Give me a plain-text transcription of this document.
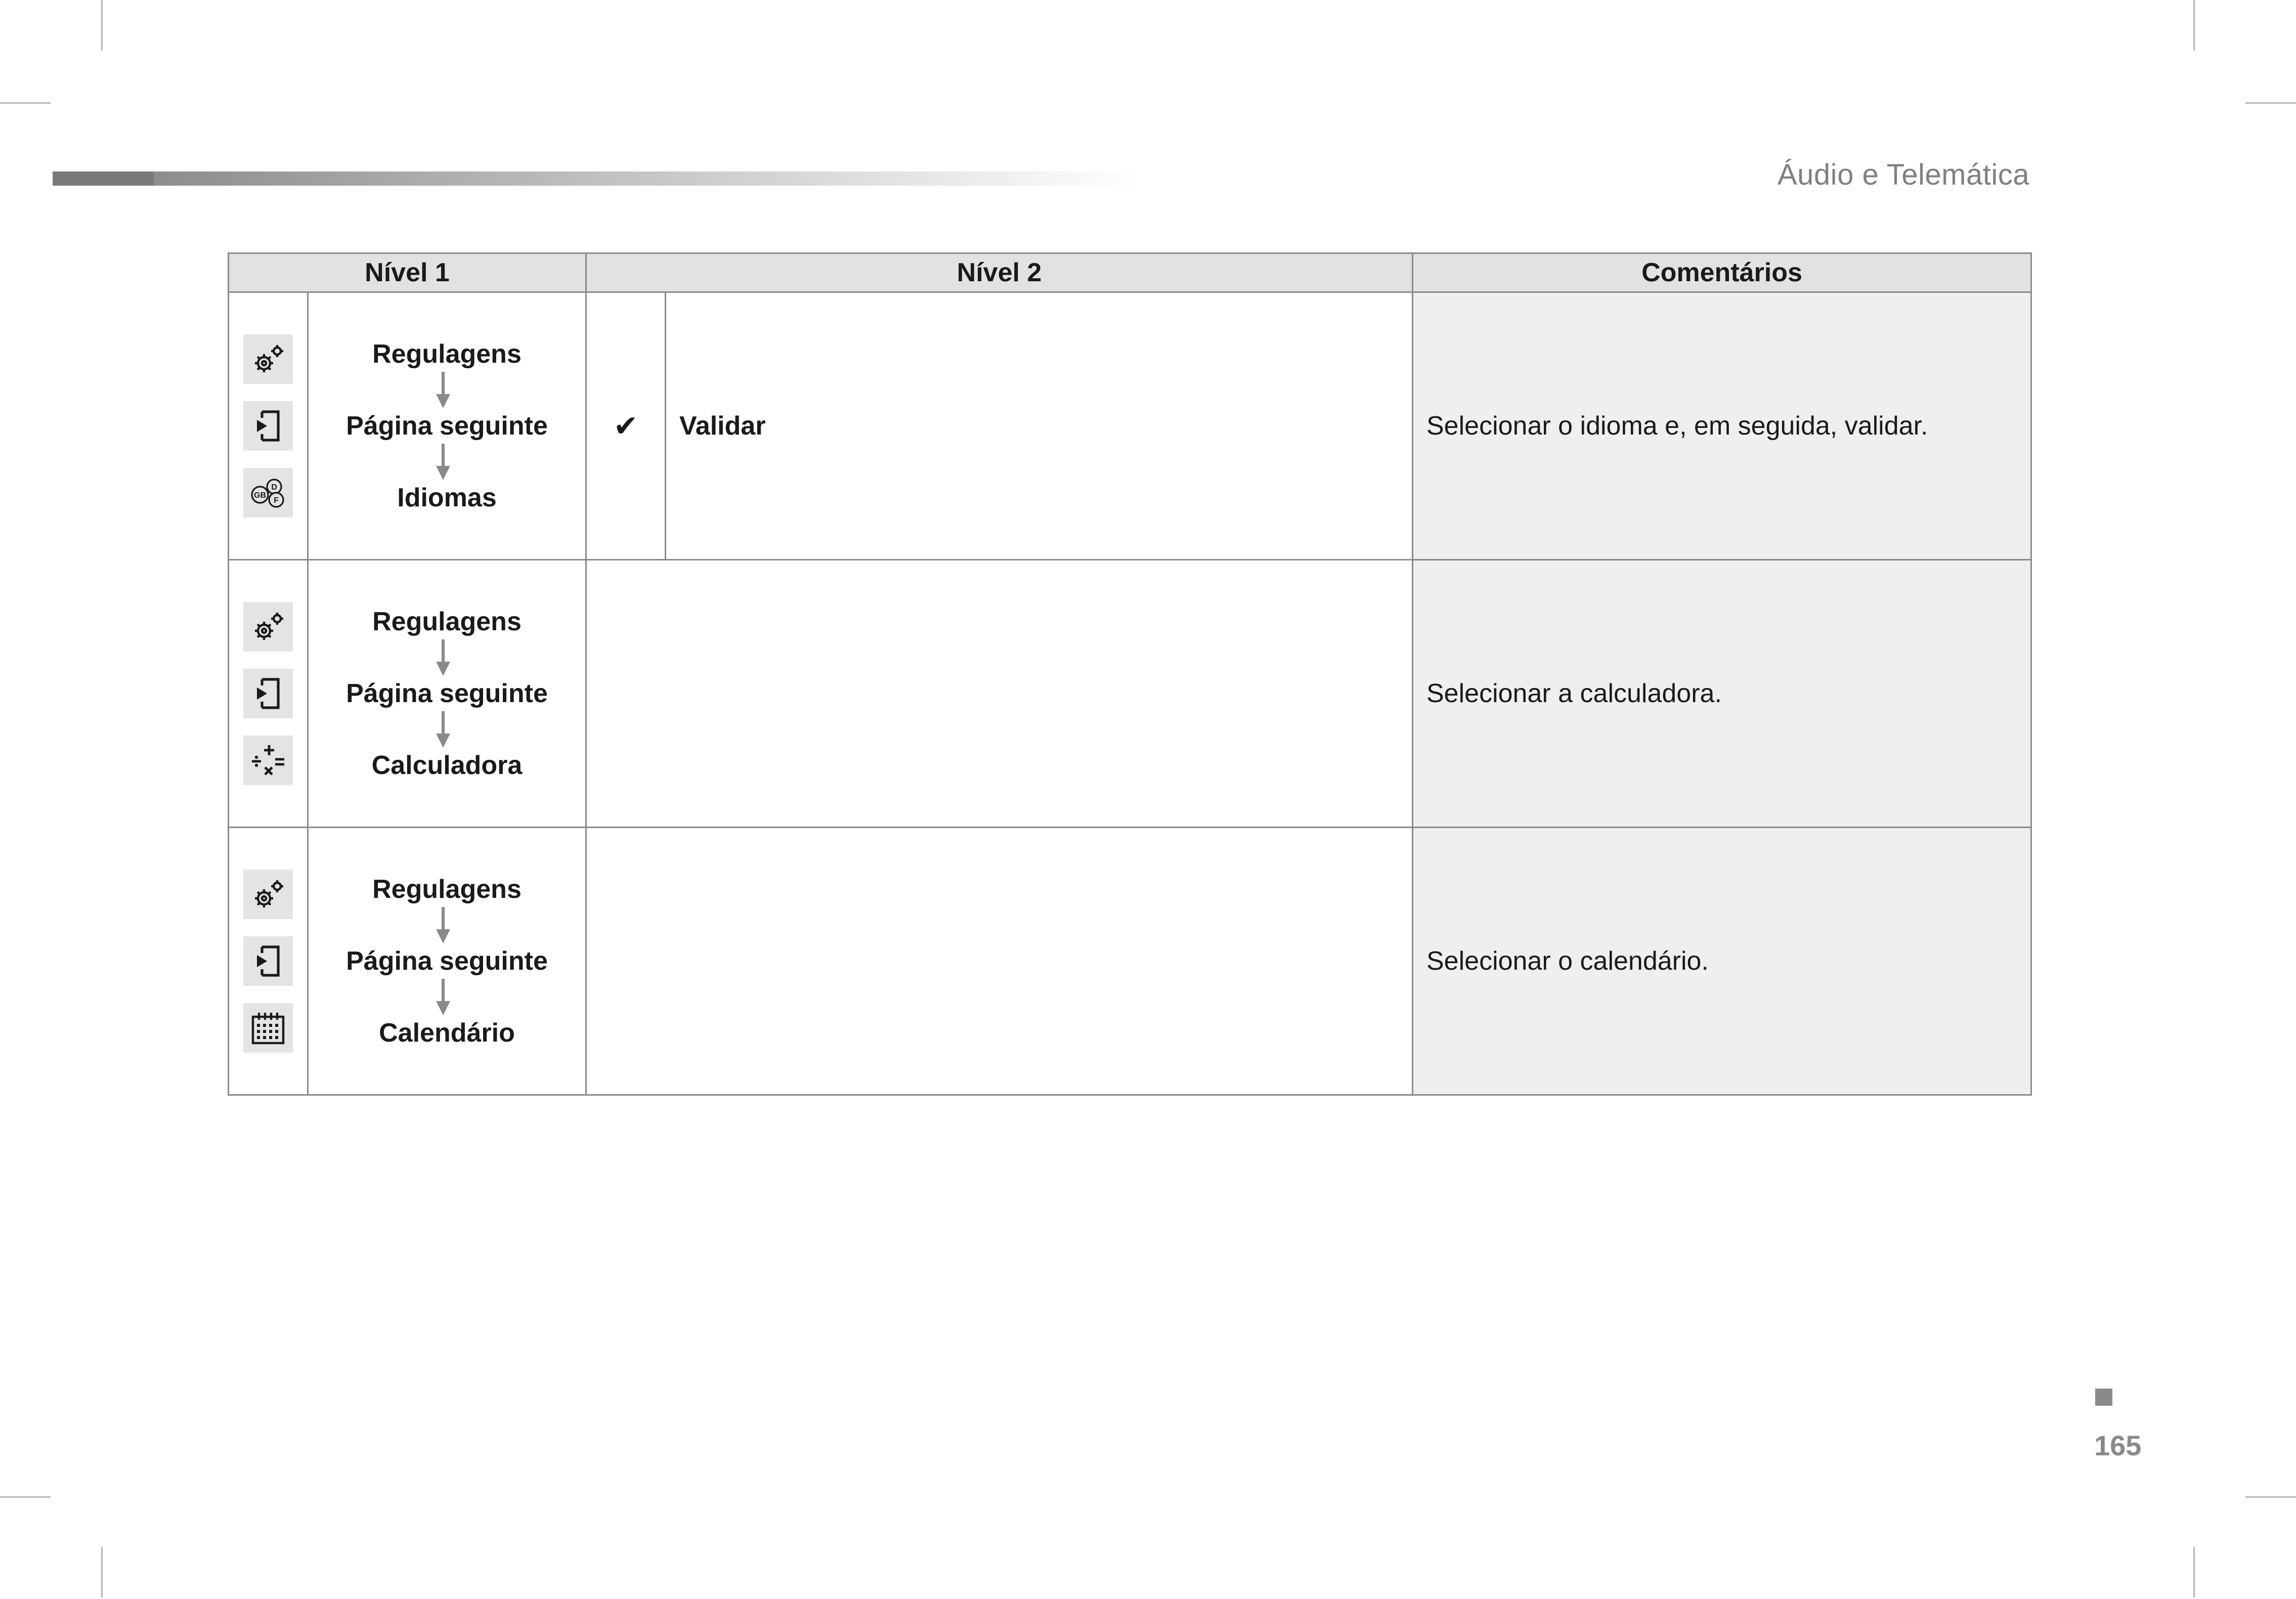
Áudio e Telemática
Nível 1		Nível 2		Comentários

D
GB
F	Regulagens
Página seguinte
Idiomas	✔	Validar	Selecionar o idioma e, em seguida, validar.

Regulagens
Página seguinte
Calculadora			Selecionar a calculadora.

Regulagens
Página seguinte
Calendário			Selecionar o calendário.
165
